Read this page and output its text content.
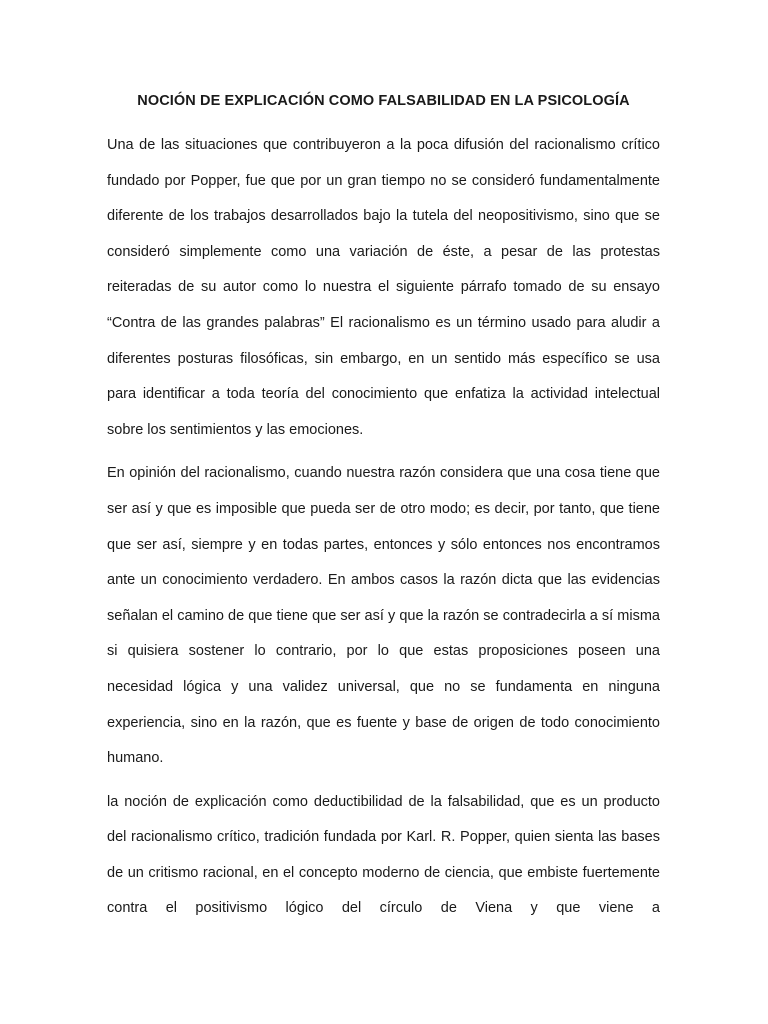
NOCIÓN DE EXPLICACIÓN COMO FALSABILIDAD EN LA PSICOLOGÍA

Una de las situaciones que contribuyeron a la poca difusión del racionalismo crítico fundado por Popper, fue que por un gran tiempo no se consideró fundamentalmente diferente de los trabajos desarrollados bajo la tutela del neopositivismo, sino que se consideró simplemente como una variación de éste, a pesar de las protestas reiteradas de su autor como lo nuestra el siguiente párrafo tomado de su ensayo “Contra de las grandes palabras” El racionalismo es un término usado para aludir a diferentes posturas filosóficas, sin embargo, en un sentido más específico se usa para identificar a toda teoría del conocimiento que enfatiza la actividad intelectual sobre los sentimientos y las emociones.

En opinión del racionalismo, cuando nuestra razón considera que una cosa tiene que ser así y que es imposible que pueda ser de otro modo; es decir, por tanto, que tiene que ser así, siempre y en todas partes, entonces y sólo entonces nos encontramos ante un conocimiento verdadero. En ambos casos la razón dicta que las evidencias señalan el camino de que tiene que ser así y que la razón se contradecirla a sí misma si quisiera sostener lo contrario, por lo que estas proposiciones poseen una necesidad lógica y una validez universal, que no se fundamenta en ninguna experiencia, sino en la razón, que es fuente y base de origen de todo conocimiento humano.

la noción de explicación como deductibilidad de la falsabilidad, que es un producto del racionalismo crítico, tradición fundada por Karl. R. Popper, quien sienta las bases de un critismo racional, en el concepto moderno de ciencia, que embiste fuertemente contra el positivismo lógico del círculo de Viena y que viene a
